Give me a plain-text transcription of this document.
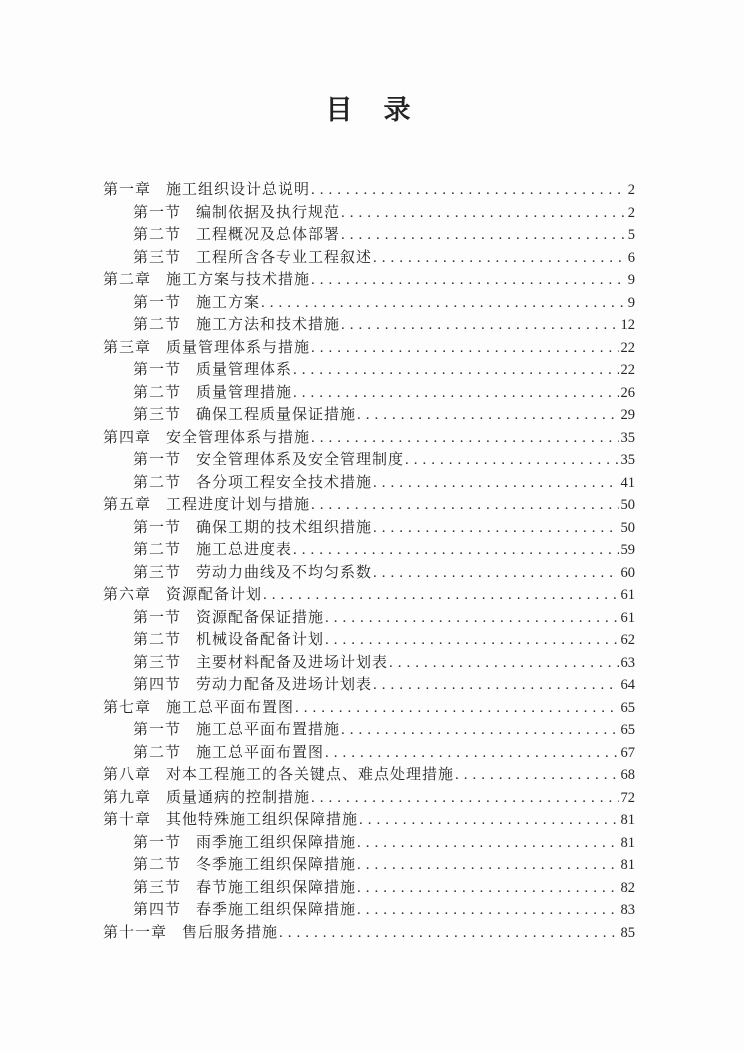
目　录
第一章 施工组织设计总说明 .....	2
第一节 编制依据及执行规范 .....	2
第二节 工程概况及总体部署 .....	5
第三节 工程所含各专业工程叙述 .....	6
第二章 施工方案与技术措施 .....	9
第一节 施工方案 .....	9
第二节 施工方法和技术措施 .....	12
第三章 质量管理体系与措施 .....	22
第一节 质量管理体系 .....	22
第二节 质量管理措施 .....	26
第三节 确保工程质量保证措施 .....	29
第四章 安全管理体系与措施 .....	35
第一节 安全管理体系及安全管理制度 .....	35
第二节 各分项工程安全技术措施 .....	41
第五章 工程进度计划与措施 .....	50
第一节 确保工期的技术组织措施 .....	50
第二节 施工总进度表 .....	59
第三节 劳动力曲线及不均匀系数 .....	60
第六章 资源配备计划 .....	61
第一节 资源配备保证措施 .....	61
第二节 机械设备配备计划 .....	62
第三节 主要材料配备及进场计划表 .....	63
第四节 劳动力配备及进场计划表 .....	64
第七章 施工总平面布置图 .....	65
第一节 施工总平面布置措施 .....	65
第二节 施工总平面布置图 .....	67
第八章 对本工程施工的各关键点、难点处理措施 .....	68
第九章 质量通病的控制措施 .....	72
第十章 其他特殊施工组织保障措施 .....	81
第一节 雨季施工组织保障措施 .....	81
第二节 冬季施工组织保障措施 .....	81
第三节 春节施工组织保障措施 .....	82
第四节 春季施工组织保障措施 .....	83
第十一章 售后服务措施 .....	85
